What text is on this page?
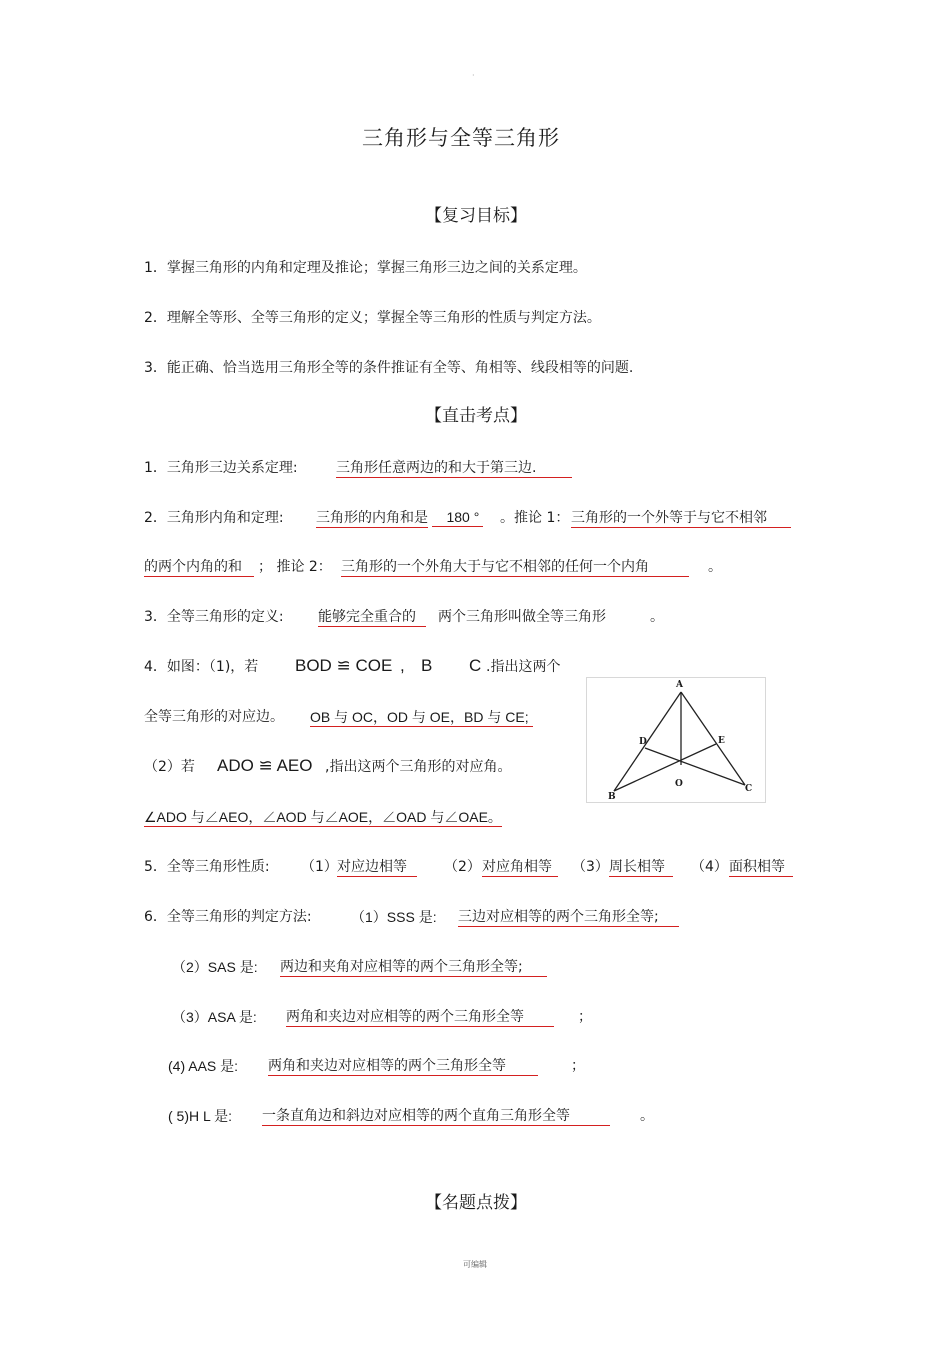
·
三角形与全等三角形
【复习目标】
1．掌握三角形的内角和定理及推论；掌握三角形三边之间的关系定理。
2．理解全等形、全等三角形的定义；掌握全等三角形的性质与判定方法。
3．能正确、恰当选用三角形全等的条件推证有全等、角相等、线段相等的问题.
【直击考点】
1．三角形三边关系定理:	三角形任意两边的和大于第三边.
2．三角形内角和定理: 三角形的内角和是 180 ° 。推论 1： 三角形的一个外等于与它不相邻
的两个内角的和	； 推论 2： 三角形的一个外角大于与它不相邻的任何一个内角	。
3．全等三角形的定义: 能够完全重合的	两个三角形叫做全等三角形	。
4．如图：（1)，若 BOD ≌ COE , B C .指出这两个
全等三角形的对应边。 OB 与 OC，OD 与 OE，BD 与 CE;
（2）若 ADO ≌ AEO ,指出这两个三角形的对应角。
∠ADO 与∠AEO，∠AOD 与∠AOE，∠OAD 与∠OAE。
A
D	E
O
B
C
5．全等三角形性质: （1） 对应边相等	（2） 对应角相等	（3） 周长相等	（4） 面积相等
6．全等三角形的判定方法:	（1）SSS 是: 三边对应相等的两个三角形全等;
（2）SAS 是: 两边和夹角对应相等的两个三角形全等;
（3）ASA 是: 两角和夹边对应相等的两个三角形全等	；
(4) AAS 是: 两角和夹边对应相等的两个三角形全等	；
( 5)H L 是: 一条直角边和斜边对应相等的两个直角三角形全等	。
【名题点拨】
可编辑
